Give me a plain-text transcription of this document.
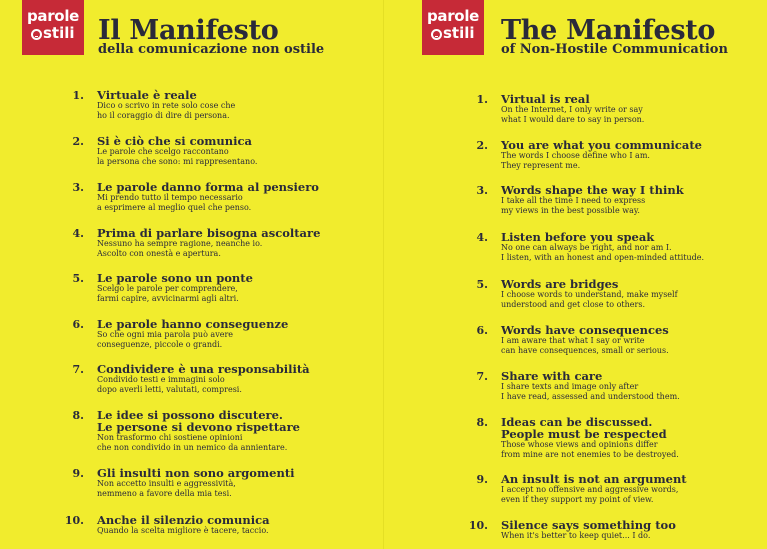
parole
stili Il Manifesto
della comunicazione non ostile
1. Virtuale è reale
Dico o scrivo in rete solo cose che
ho il coraggio di dire di persona.
2. Si è ciò che si comunica
Le parole che scelgo raccontano
la persona che sono: mi rappresentano.
3. Le parole danno forma al pensiero
Mi prendo tutto il tempo necessario
a esprimere al meglio quel che penso.
4. Prima di parlare bisogna ascoltare
Nessuno ha sempre ragione, neanche io.
Ascolto con onestà e apertura.
5. Le parole sono un ponte
Scelgo le parole per comprendere,
farmi capire, avvicinarmi agli altri.
6. Le parole hanno conseguenze
So che ogni mia parola può avere
conseguenze, piccole o grandi.
7. Condividere è una responsabilità
Condivido testi e immagini solo
dopo averli letti, valutati, compresi.
8. Le idee si possono discutere.
Le persone si devono rispettare
Non trasformo chi sostiene opinioni
che non condivido in un nemico da annientare.
9. Gli insulti non sono argomenti
Non accetto insulti e aggressività,
nemmeno a favore della mia tesi.
10. Anche il silenzio comunica
Quando la scelta migliore è tacere, taccio.
parole
stili The Manifesto
of Non-Hostile Communication
1. Virtual is real
On the Internet, I only write or say
what I would dare to say in person.
2. You are what you communicate
The words I choose define who I am.
They represent me.
3. Words shape the way I think
I take all the time I need to express
my views in the best possible way.
4. Listen before you speak
No one can always be right, and nor am I.
I listen, with an honest and open-minded attitude.
5. Words are bridges
I choose words to understand, make myself
understood and get close to others.
6. Words have consequences
I am aware that what I say or write
can have consequences, small or serious.
7. Share with care
I share texts and image only after
I have read, assessed and understood them.
8. Ideas can be discussed.
People must be respected
Those whose views and opinions differ
from mine are not enemies to be destroyed.
9. An insult is not an argument
I accept no offensive and aggressive words,
even if they support my point of view.
10. Silence says something too
When it's better to keep quiet... I do.
